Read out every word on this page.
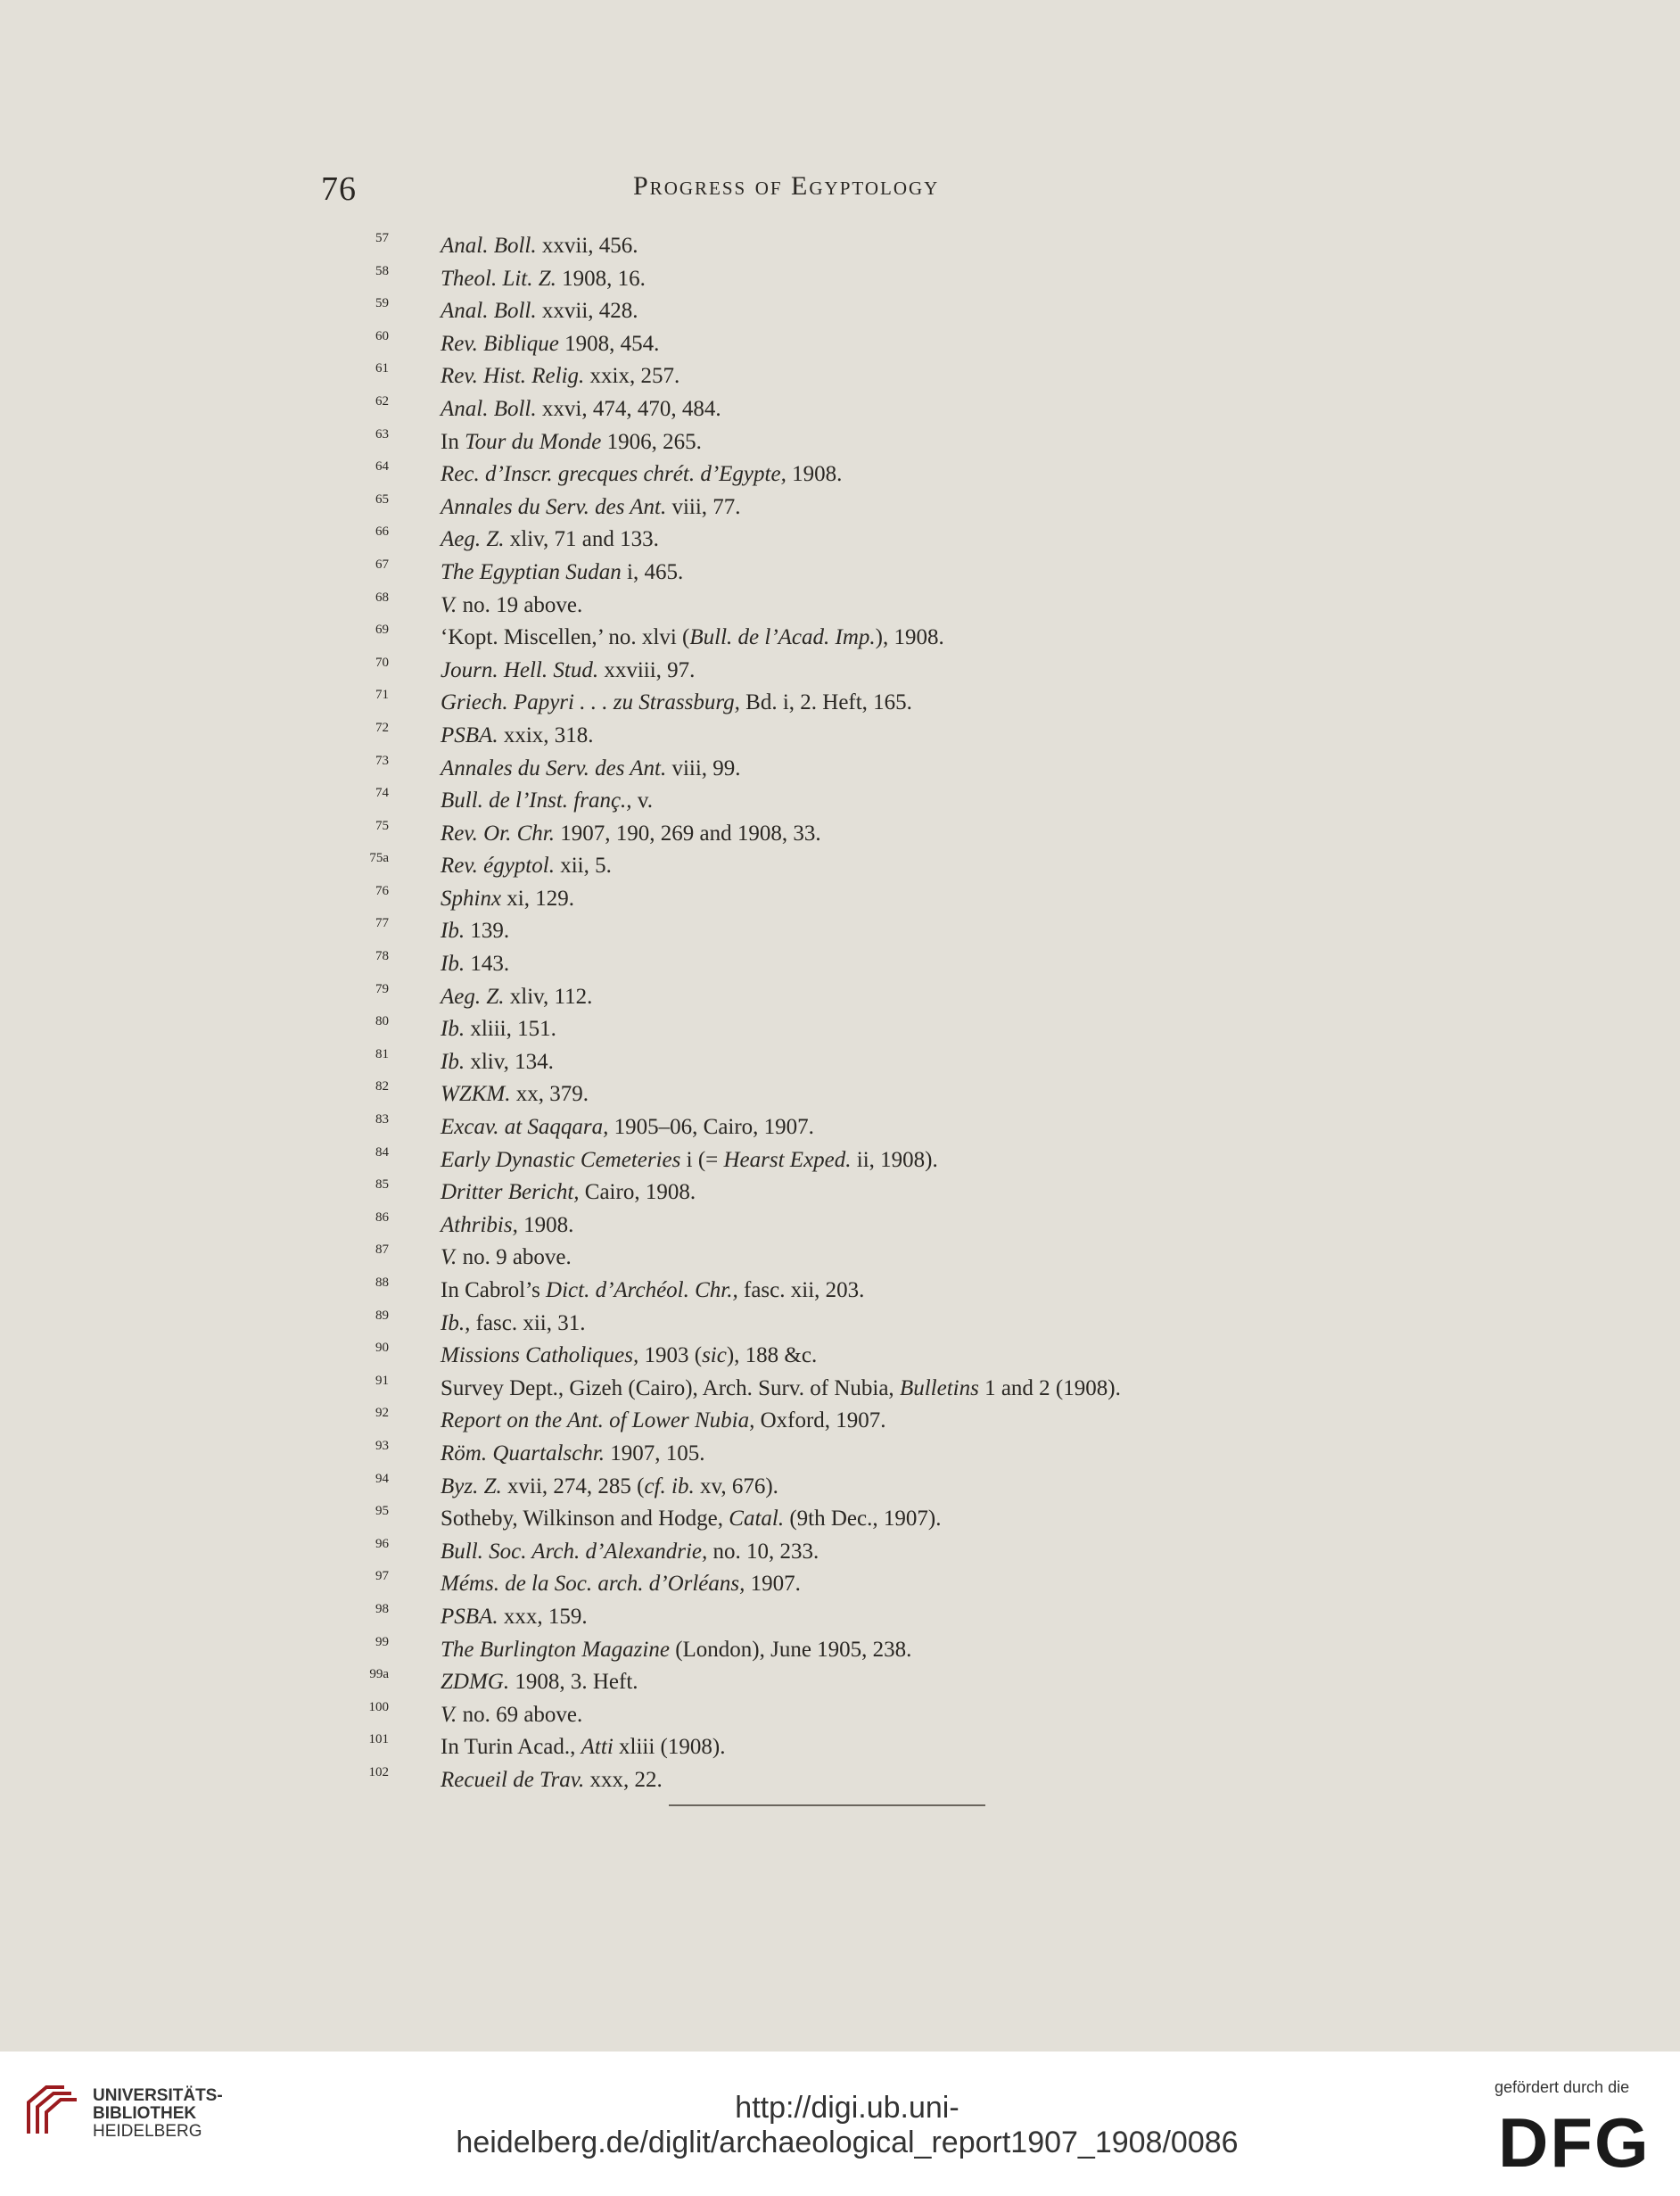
76	Progress of Egyptology
57 Anal. Boll. xxvii, 456.
58 Theol. Lit. Z. 1908, 16.
59 Anal. Boll. xxvii, 428.
60 Rev. Biblique 1908, 454.
61 Rev. Hist. Relig. xxix, 257.
62 Anal. Boll. xxvi, 474, 470, 484.
63 In Tour du Monde 1906, 265.
64 Rec. d’Inscr. grecques chrét. d’Egypte, 1908.
65 Annales du Serv. des Ant. viii, 77.
66 Aeg. Z. xliv, 71 and 133.
67 The Egyptian Sudan i, 465.
68 V. no. 19 above.
69 ‘Kopt. Miscellen,’ no. xlvi (Bull. de l’Acad. Imp.), 1908.
70 Journ. Hell. Stud. xxviii, 97.
71 Griech. Papyri . . . zu Strassburg, Bd. i, 2. Heft, 165.
72 PSBA. xxix, 318.
73 Annales du Serv. des Ant. viii, 99.
74 Bull. de l’Inst. franç., v.
75 Rev. Or. Chr. 1907, 190, 269 and 1908, 33.
75a Rev. égyptol. xii, 5.
76 Sphinx xi, 129.
77 Ib. 139.
78 Ib. 143.
79 Aeg. Z. xliv, 112.
80 Ib. xliii, 151.
81 Ib. xliv, 134.
82 WZKM. xx, 379.
83 Excav. at Saqqara, 1905–06, Cairo, 1907.
84 Early Dynastic Cemeteries i (= Hearst Exped. ii, 1908).
85 Dritter Bericht, Cairo, 1908.
86 Athribis, 1908.
87 V. no. 9 above.
88 In Cabrol’s Dict. d’Archéol. Chr., fasc. xii, 203.
89 Ib., fasc. xii, 31.
90 Missions Catholiques, 1903 (sic), 188 &c.
91 Survey Dept., Gizeh (Cairo), Arch. Surv. of Nubia, Bulletins 1 and 2 (1908).
92 Report on the Ant. of Lower Nubia, Oxford, 1907.
93 Röm. Quartalschr. 1907, 105.
94 Byz. Z. xvii, 274, 285 (cf. ib. xv, 676).
95 Sotheby, Wilkinson and Hodge, Catal. (9th Dec., 1907).
96 Bull. Soc. Arch. d’Alexandrie, no. 10, 233.
97 Méms. de la Soc. arch. d’Orléans, 1907.
98 PSBA. xxx, 159.
99 The Burlington Magazine (London), June 1905, 238.
99a ZDMG. 1908, 3. Heft.
100 V. no. 69 above.
101 In Turin Acad., Atti xliii (1908).
102 Recueil de Trav. xxx, 22.
UNIVERSITÄTS-
BIBLIOTHEK
HEIDELBERG
http://digi.ub.uni-heidelberg.de/diglit/archaeological_report1907_1908/0086
gefördert durch die
DFG
